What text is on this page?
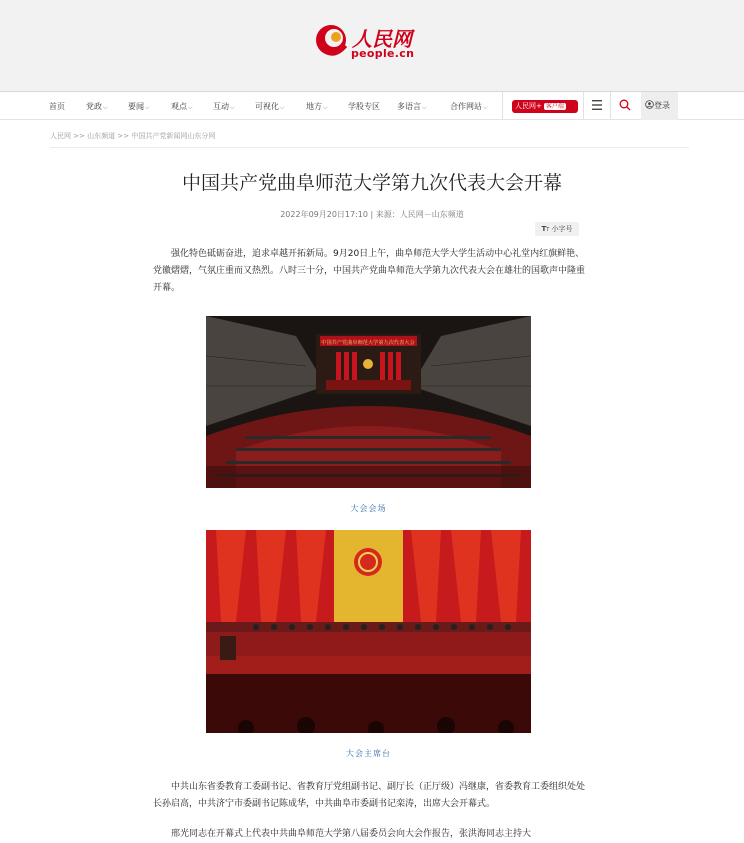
人民网
people.cn
首页	党政⌵	要闻⌵	观点⌵	互动⌵	可视化⌵	地方⌵	学股专区 多语言⌵	合作网站⌵	人民网+ 客户端	登录
人民网 >> 山东频道 >> 中国共产党新闻网山东分网
中国共产党曲阜师范大学第九次代表大会开幕
2022年09月20日17:10 | 来源：人民网－山东频道
TT 小字号

强化特色砥砺奋进，追求卓越开拓新局。9月20日上午，曲阜师范大学大学生活动中心礼堂内红旗鲜艳、党徽熠熠，气氛庄重而又热烈。八时三十分，中国共产党曲阜师范大学第九次代表大会在雄壮的国歌声中隆重开幕。

中国共产党曲阜师范大学第九次代表大会
大会会场
大会主席台

中共山东省委教育工委副书记、省教育厅党组副书记、副厅长（正厅级）冯继康，省委教育工委组织处处长孙启高，中共济宁市委副书记陈成华，中共曲阜市委副书记栾涛，出席大会开幕式。

邢光同志在开幕式上代表中共曲阜师范大学第八届委员会向大会作报告，张洪海同志主持大
